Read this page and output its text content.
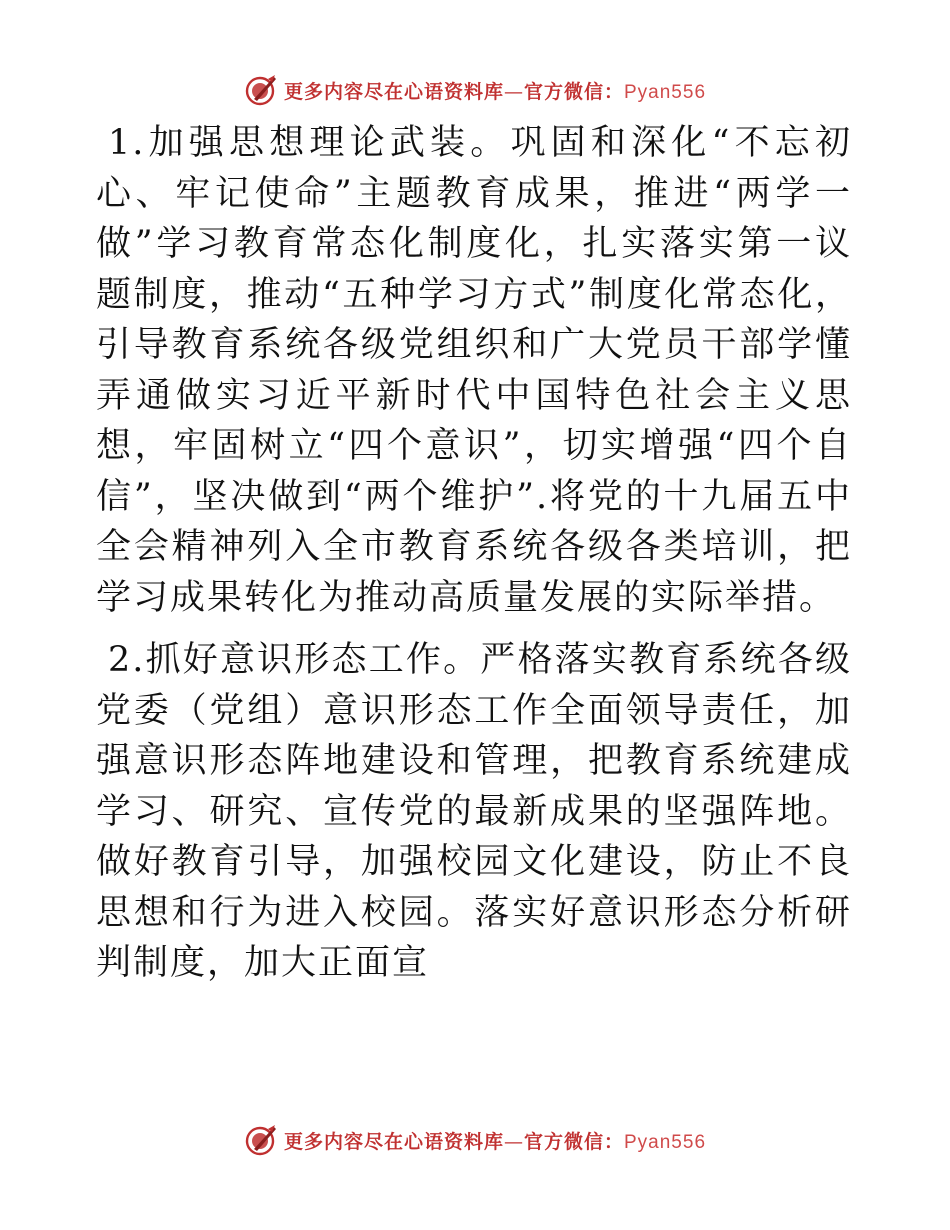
更多内容尽在心语资料库—官方微信：Pyan556

1.加强思想理论武装。巩固和深化“不忘初心、牢记使命”主题教育成果，推进“两学一做”学习教育常态化制度化，扎实落实第一议题制度，推动“五种学习方式”制度化常态化，引导教育系统各级党组织和广大党员干部学懂弄通做实习近平新时代中国特色社会主义思想，牢固树立“四个意识”，切实增强“四个自信”，坚决做到“两个维护”.将党的十九届五中全会精神列入全市教育系统各级各类培训，把学习成果转化为推动高质量发展的实际举措。

2.抓好意识形态工作。严格落实教育系统各级党委（党组）意识形态工作全面领导责任，加强意识形态阵地建设和管理，把教育系统建成学习、研究、宣传党的最新成果的坚强阵地。做好教育引导，加强校园文化建设，防止不良思想和行为进入校园。落实好意识形态分析研判制度，加大正面宣

更多内容尽在心语资料库—官方微信：Pyan556
